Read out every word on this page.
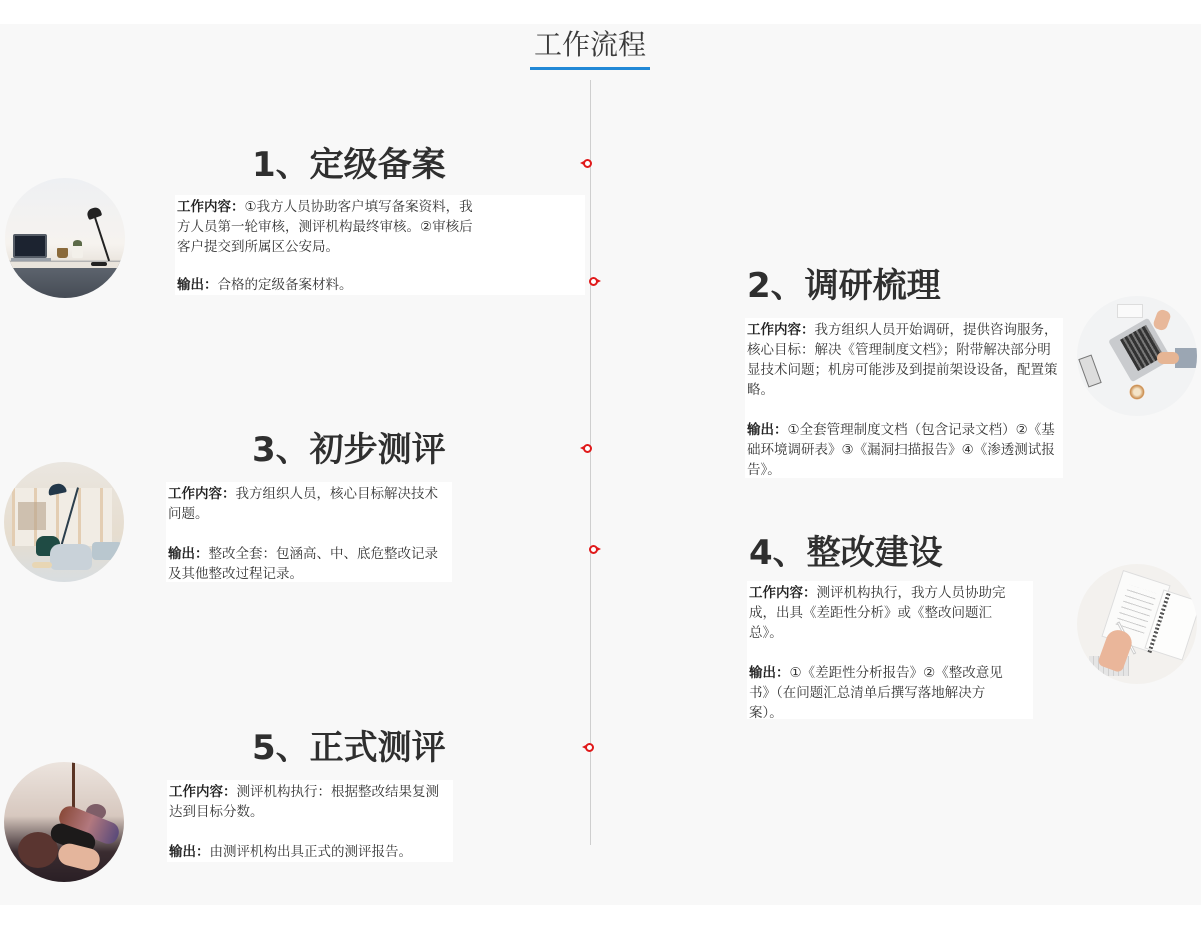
工作流程
1、定级备案
工作内容：①我方人员协助客户填写备案资料，我方人员第一轮审核，测评机构最终审核。②审核后客户提交到所属区公安局。
输出：合格的定级备案材料。	2、调研梳理
工作内容：我方组织人员开始调研，提供咨询服务，核心目标：解决《管理制度文档》；附带解决部分明显技术问题；机房可能涉及到提前架设设备，配置策略。
输出：①全套管理制度文档（包含记录文档）②《基础环境调研表》③《漏洞扫描报告》④《渗透测试报告》。
3、初步测评
工作内容：我方组织人员，核心目标解决技术问题。
输出：整改全套：包涵高、中、底危整改记录及其他整改过程记录。
4、整改建设
工作内容：测评机构执行，我方人员协助完成，出具《差距性分析》或《整改问题汇总》。
输出：①《差距性分析报告》②《整改意见书》（在问题汇总清单后撰写落地解决方案）。
5、正式测评
工作内容：测评机构执行：根据整改结果复测达到目标分数。
输出：由测评机构出具正式的测评报告。
